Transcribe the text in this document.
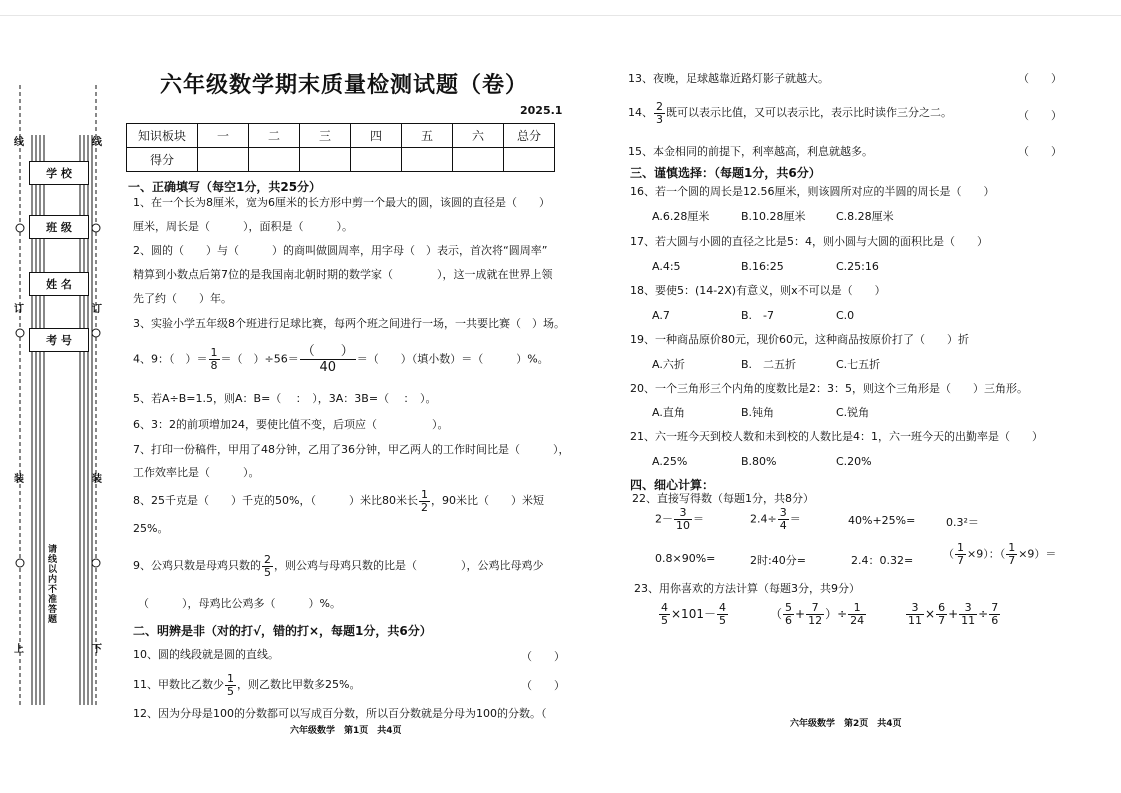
学 校
班 级
姓 名
考 号
线	线
订	订
装	装
上	下
请线以内不准答题
六年级数学期末质量检测试题（卷）
2025.1
知识板块	一	二	三	四	五	六	总分
得分							
一、正确填写（每空1分，共25分）
1、在一个长为8厘米，宽为6厘米的长方形中剪一个最大的圆，该圆的直径是（　　）
厘米，周长是（　　　），面积是（　　　）。
2、圆的（　　）与（　　　）的商叫做圆周率，用字母（　）表示，首次将“圆周率”
精算到小数点后第7位的是我国南北朝时期的数学家（　　　　），这一成就在世界上领
先了约（　　）年。
3、实验小学五年级8个班进行足球比赛，每两个班之间进行一场，一共要比赛（　）场。
4、9：（　）＝ $\frac{1}{8}$ ＝（　）$\div 56= \frac{( )}{40}$ ＝（　　）（填小数）＝（　　　）%。
5、若A÷B=1.5，则A：B=（　 ：　），3A：3B=（　 ：　）。
6、3：2的前项增加24，要使比值不变，后项应（　　　　　）。
7、打印一份稿件，甲用了48分钟，乙用了36分钟，甲乙两人的工作时间比是（　　　），
工作效率比是（　　　）。
8、25千克是（　　）千克的50%，（　　　）米比80米长 $\frac{1}{2}$ ，90米比（　　）米短
25%。
9、公鸡只数是母鸡只数的 $\frac{2}{5}$ ，则公鸡与母鸡只数的比是（　　　　），公鸡比母鸡少
（　　　），母鸡比公鸡多（　　　）%。
二、明辨是非（对的打√，错的打×，每题1分，共6分）
10、圆的线段就是圆的直线。	（　　）
11、甲数比乙数少 $\frac{1}{5}$ ，则乙数比甲数多25%。	（　　）
12、因为分母是100的分数都可以写成百分数，所以百分数就是分母为100的分数。（
六年级数学　第1页　共4页
13、夜晚，足球越靠近路灯影子就越大。	（　　）
14、 $\frac{2}{3}$ 既可以表示比值，又可以表示比，表示比时读作三分之二。	（　　）
15、本金相同的前提下，利率越高，利息就越多。	（　　）
三、谨慎选择：（每题1分，共6分）
16、若一个圆的周长是12.56厘米，则该圆所对应的半圆的周长是（　　）
A.6.28厘米	B.10.28厘米	C.8.28厘米
17、若大圆与小圆的直径之比是5：4，则小圆与大圆的面积比是（　　）
A.4:5	B.16:25	C.25:16
18、要使5：(14-2X)有意义，则x不可以是（　　）
A.7	B.　-7	C.0
19、一种商品原价80元，现价60元，这种商品按原价打了（　　）折
A.六折	B.　二五折	C.七五折
20、一个三角形三个内角的度数比是2：3：5，则这个三角形是（　　）三角形。
A.直角	B.钝角	C.锐角
21、六一班今天到校人数和未到校的人数比是4：1，六一班今天的出勤率是（　　）
A.25%	B.80%	C.20%
四、细心计算：
22、直接写得数（每题1分，共8分）
$2- \frac{3}{10}$ ＝	$2.4\div \frac{3}{4}$ ＝	40%+25%=	0.3²＝
0.8×90%=	2时:40分=	2.4：0.32=	（ $\frac{1}{7} \times 9$）：（ $\frac{1}{7} \times 9)=$
23、用你喜欢的方法计算（每题3分，共9分）
$\frac{4}{5} \times 101- \frac{4}{5}$	（ $\frac{5}{6} + \frac{7}{12}$ ）÷ $\frac{1}{24}$	$\frac{3}{11} \times \frac{6}{7} + \frac{3}{11} \div \frac{7}{6}$
六年级数学　第2页　共4页
